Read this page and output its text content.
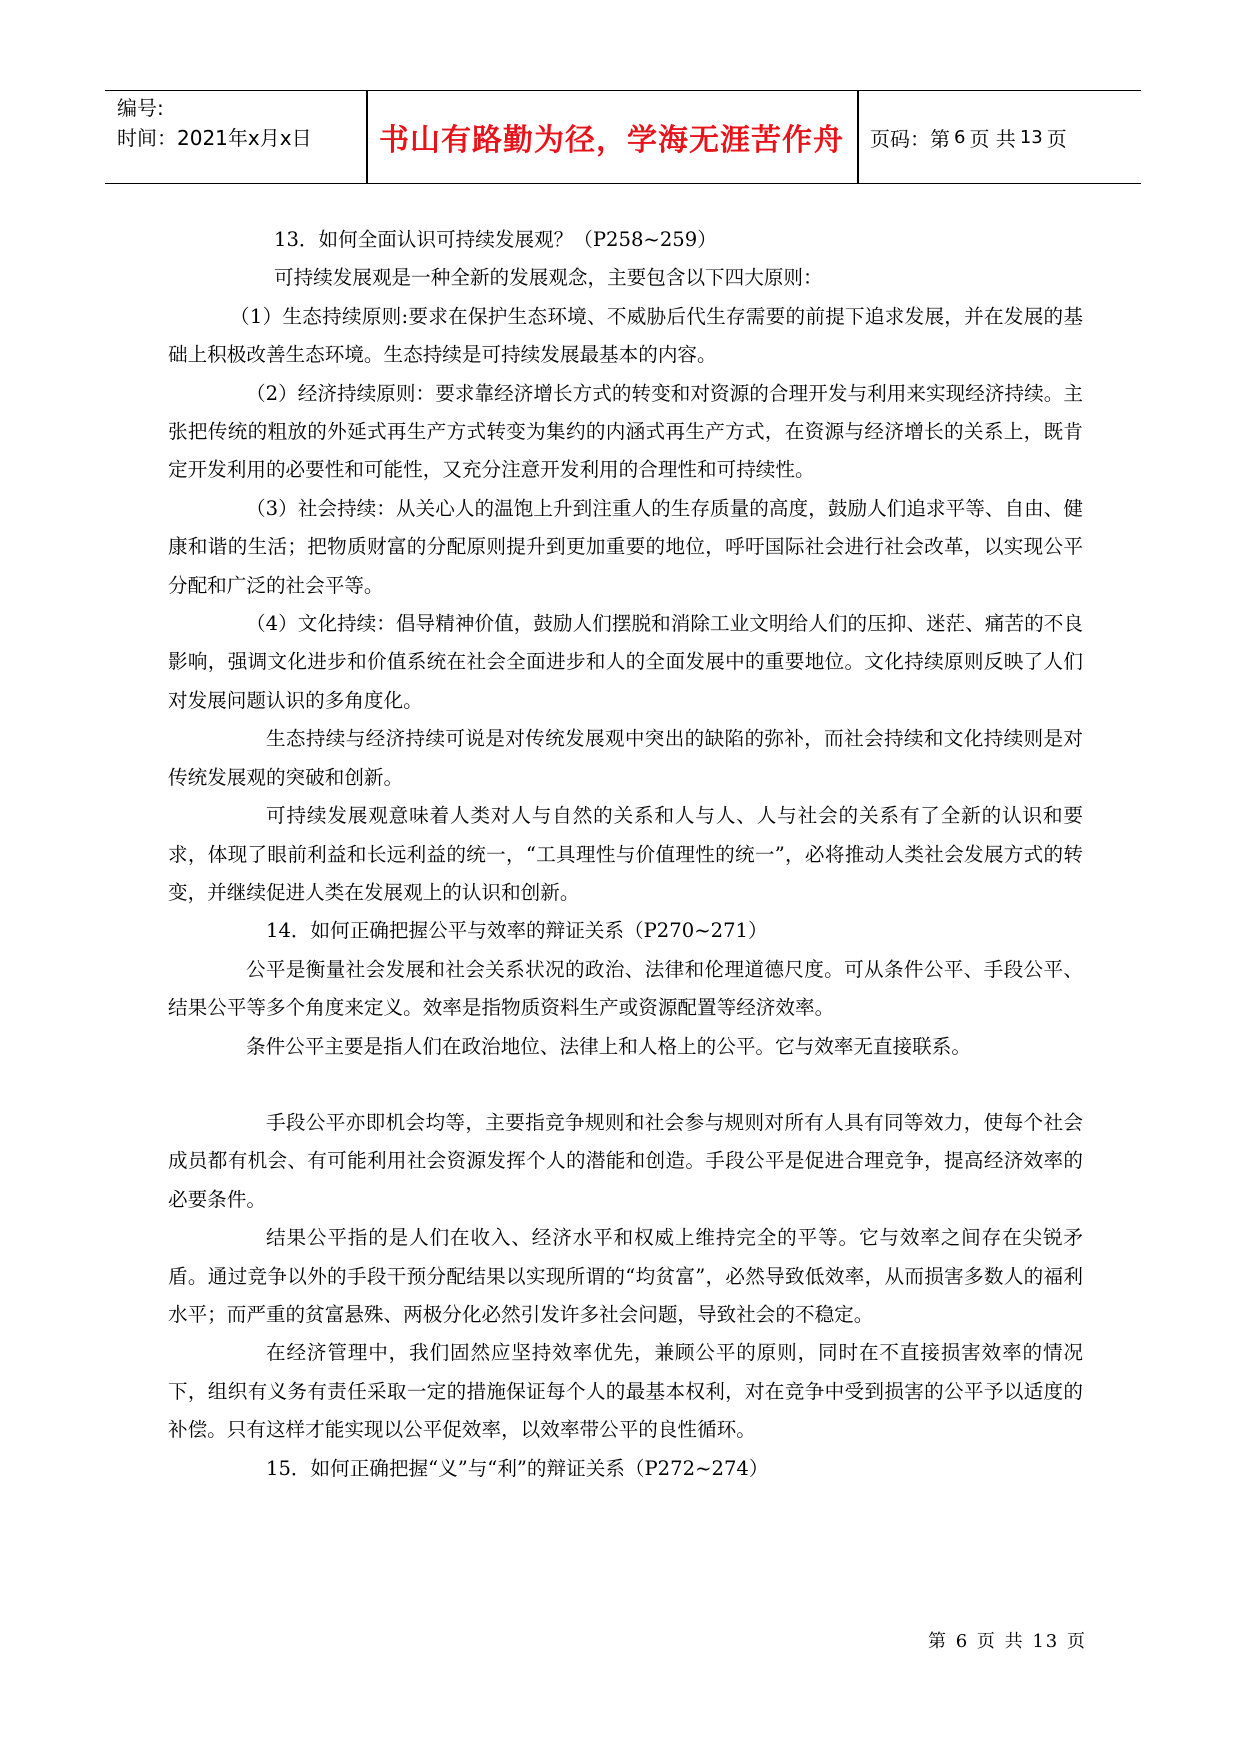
编号:
时间：2021年x月x日	书山有路勤为径，学海无涯苦作舟	页码：第 6 页 共 13 页

13．如何全面认识可持续发展观？（P258~259）

可持续发展观是一种全新的发展观念，主要包含以下四大原则：

（1）生态持续原则:要求在保护生态环境、不威胁后代生存需要的前提下追求发展，并在发展的基础上积极改善生态环境。生态持续是可持续发展最基本的内容。

（2）经济持续原则：要求靠经济增长方式的转变和对资源的合理开发与利用来实现经济持续。主张把传统的粗放的外延式再生产方式转变为集约的内涵式再生产方式，在资源与经济增长的关系上，既肯定开发利用的必要性和可能性，又充分注意开发利用的合理性和可持续性。

（3）社会持续：从关心人的温饱上升到注重人的生存质量的高度，鼓励人们追求平等、自由、健康和谐的生活；把物质财富的分配原则提升到更加重要的地位，呼吁国际社会进行社会改革，以实现公平分配和广泛的社会平等。

（4）文化持续：倡导精神价值，鼓励人们摆脱和消除工业文明给人们的压抑、迷茫、痛苦的不良影响，强调文化进步和价值系统在社会全面进步和人的全面发展中的重要地位。文化持续原则反映了人们对发展问题认识的多角度化。

生态持续与经济持续可说是对传统发展观中突出的缺陷的弥补，而社会持续和文化持续则是对传统发展观的突破和创新。

可持续发展观意味着人类对人与自然的关系和人与人、人与社会的关系有了全新的认识和要求，体现了眼前利益和长远利益的统一，“工具理性与价值理性的统一”，必将推动人类社会发展方式的转变，并继续促进人类在发展观上的认识和创新。

14．如何正确把握公平与效率的辩证关系（P270~271）

公平是衡量社会发展和社会关系状况的政治、法律和伦理道德尺度。可从条件公平、手段公平、结果公平等多个角度来定义。效率是指物质资料生产或资源配置等经济效率。

条件公平主要是指人们在政治地位、法律上和人格上的公平。它与效率无直接联系。

手段公平亦即机会均等，主要指竞争规则和社会参与规则对所有人具有同等效力，使每个社会成员都有机会、有可能利用社会资源发挥个人的潜能和创造。手段公平是促进合理竞争，提高经济效率的必要条件。

结果公平指的是人们在收入、经济水平和权威上维持完全的平等。它与效率之间存在尖锐矛盾。通过竞争以外的手段干预分配结果以实现所谓的“均贫富”，必然导致低效率，从而损害多数人的福利水平；而严重的贫富悬殊、两极分化必然引发许多社会问题，导致社会的不稳定。

在经济管理中，我们固然应坚持效率优先，兼顾公平的原则，同时在不直接损害效率的情况下，组织有义务有责任采取一定的措施保证每个人的最基本权利，对在竞争中受到损害的公平予以适度的补偿。只有这样才能实现以公平促效率，以效率带公平的良性循环。

15．如何正确把握“义”与“利”的辩证关系（P272~274）

第 6 页 共 13 页
